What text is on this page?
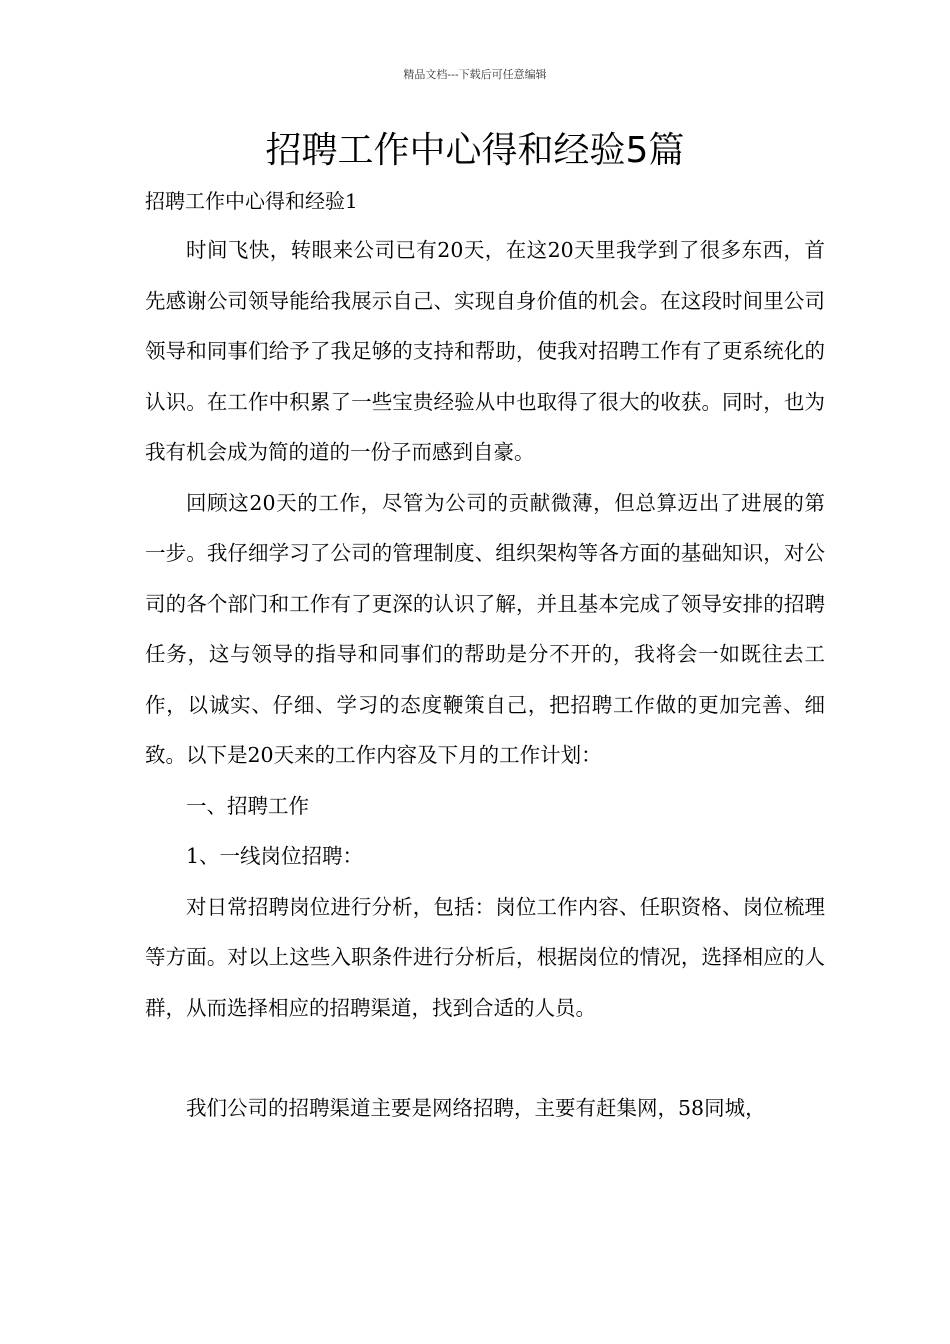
精品文档---下载后可任意编辑
招聘工作中心得和经验5篇
招聘工作中心得和经验1

时间飞快，转眼来公司已有20天，在这20天里我学到了很多东西，首先感谢公司领导能给我展示自己、实现自身价值的机会。在这段时间里公司领导和同事们给予了我足够的支持和帮助，使我对招聘工作有了更系统化的认识。在工作中积累了一些宝贵经验从中也取得了很大的收获。同时，也为我有机会成为简的道的一份子而感到自豪。

回顾这20天的工作，尽管为公司的贡献微薄，但总算迈出了进展的第一步。我仔细学习了公司的管理制度、组织架构等各方面的基础知识，对公司的各个部门和工作有了更深的认识了解，并且基本完成了领导安排的招聘任务，这与领导的指导和同事们的帮助是分不开的，我将会一如既往去工作，以诚实、仔细、学习的态度鞭策自己，把招聘工作做的更加完善、细致。以下是20天来的工作内容及下月的工作计划：

一、招聘工作

1、一线岗位招聘：

对日常招聘岗位进行分析，包括：岗位工作内容、任职资格、岗位梳理等方面。对以上这些入职条件进行分析后，根据岗位的情况，选择相应的人群，从而选择相应的招聘渠道，找到合适的人员。

我们公司的招聘渠道主要是网络招聘，主要有赶集网，58同城，
